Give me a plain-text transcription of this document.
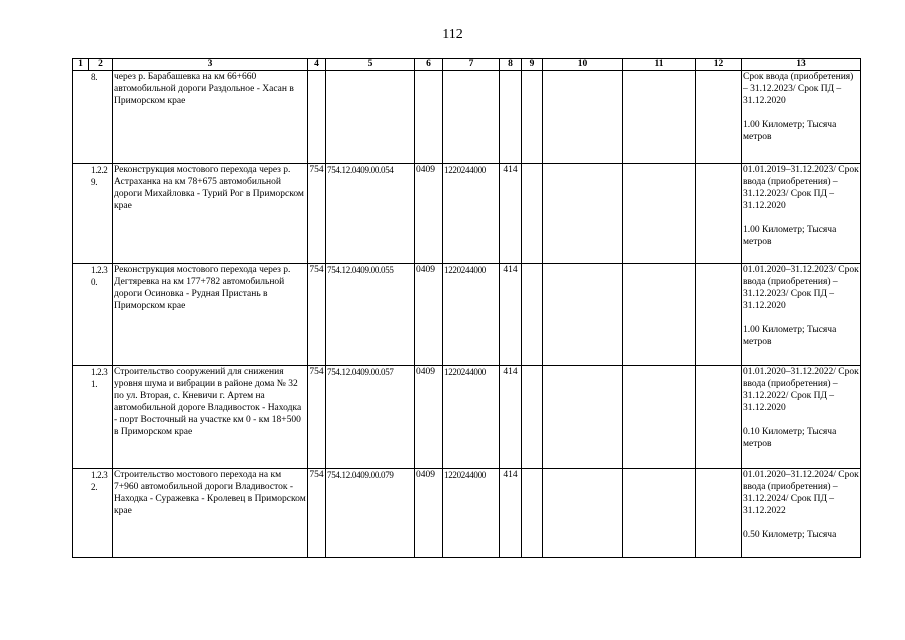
112
1	2	3	4	5	6	7	8	9	10	11	12	13
8.		через р. Барабашевка на км 66+660 автомобильной дороги Раздольное - Хасан в Приморском крае										Срок ввода (приобретения) – 31.12.2023/ Срок ПД – 31.12.2020
1.00 Километр; Тысяча метров
1.2.2 9.		Реконструкция мостового перехода через р. Астраханка на км 78+675 автомобильной дороги Михайловка - Турий Рог в Приморском крае	754	754.12.0409.00.054	0409	1220244000	414					01.01.2019–31.12.2023/ Срок ввода (приобретения) – 31.12.2023/ Срок ПД – 31.12.2020
1.00 Километр; Тысяча метров
1.2.3 0.		Реконструкция мостового перехода через р. Дегтяревка на км 177+782 автомобильной дороги Осиновка - Рудная Пристань в Приморском крае	754	754.12.0409.00.055	0409	1220244000	414					01.01.2020–31.12.2023/ Срок ввода (приобретения) – 31.12.2023/ Срок ПД – 31.12.2020
1.00 Километр; Тысяча метров
1.2.3 1.		Строительство сооружений для снижения уровня шума и вибрации в районе дома № 32 по ул. Вторая, с. Кневичи г. Артем на автомобильной дороге Владивосток - Находка - порт Восточный на участке км 0 - км 18+500 в Приморском крае	754	754.12.0409.00.057	0409	1220244000	414					01.01.2020–31.12.2022/ Срок ввода (приобретения) – 31.12.2022/ Срок ПД – 31.12.2020
0.10 Километр; Тысяча метров
1.2.3 2.		Строительство мостового перехода на км 7+960 автомобильной дороги Владивосток - Находка - Суражевка - Кролевец в Приморском крае	754	754.12.0409.00.079	0409	1220244000	414					01.01.2020–31.12.2024/ Срок ввода (приобретения) – 31.12.2024/ Срок ПД – 31.12.2022
0.50 Километр; Тысяча
